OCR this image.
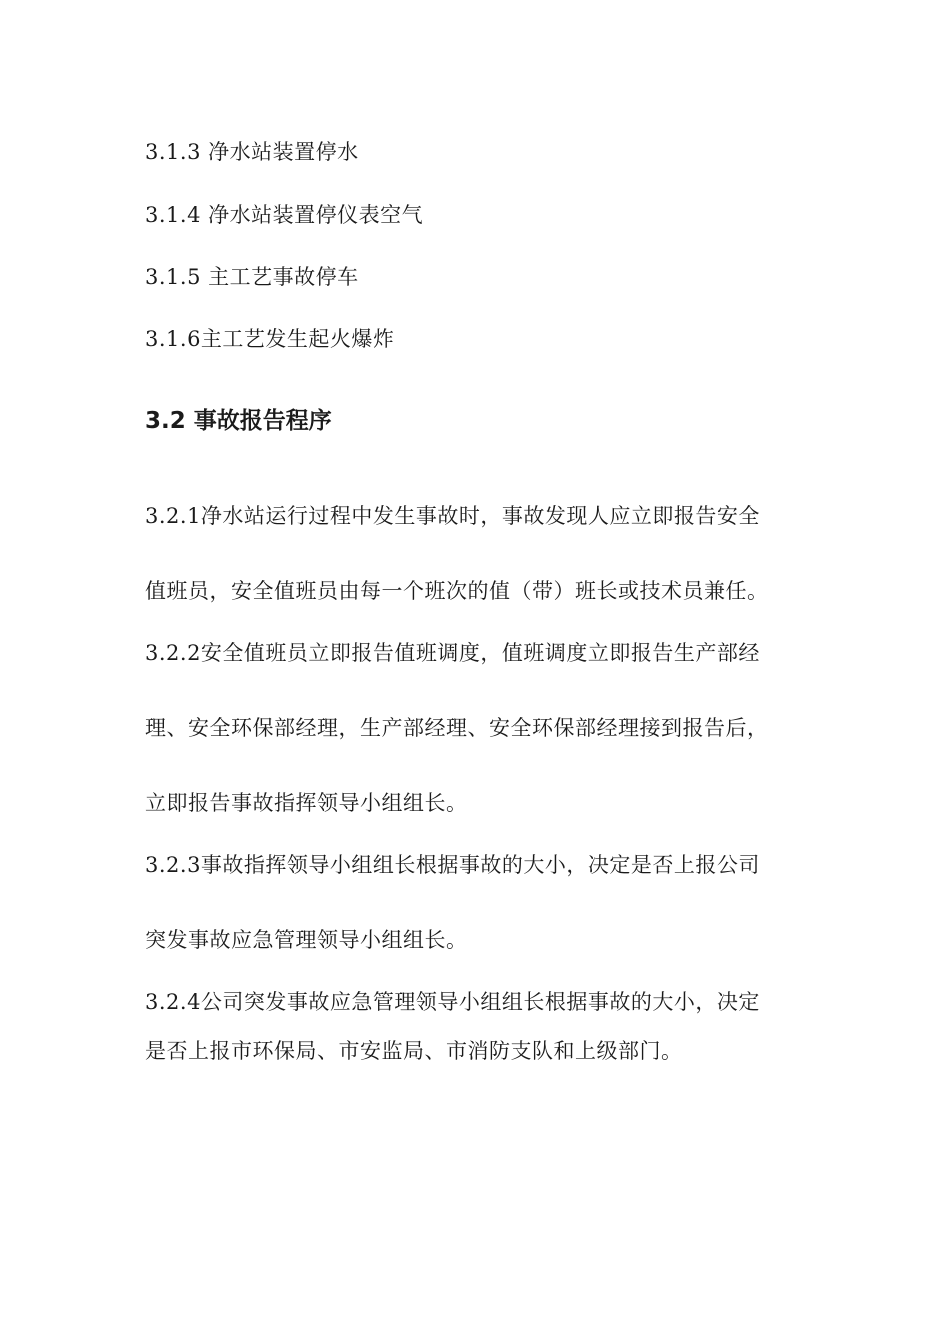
3.1.3 净水站装置停水
3.1.4 净水站装置停仪表空气
3.1.5 主工艺事故停车
3.1.6主工艺发生起火爆炸
3.2 事故报告程序
3.2.1净水站运行过程中发生事故时，事故发现人应立即报告安全
值班员，安全值班员由每一个班次的值（带）班长或技术员兼任。
3.2.2安全值班员立即报告值班调度，值班调度立即报告生产部经
理、安全环保部经理，生产部经理、安全环保部经理接到报告后，
立即报告事故指挥领导小组组长。
3.2.3事故指挥领导小组组长根据事故的大小，决定是否上报公司
突发事故应急管理领导小组组长。
3.2.4公司突发事故应急管理领导小组组长根据事故的大小，决定
是否上报市环保局、市安监局、市消防支队和上级部门。
